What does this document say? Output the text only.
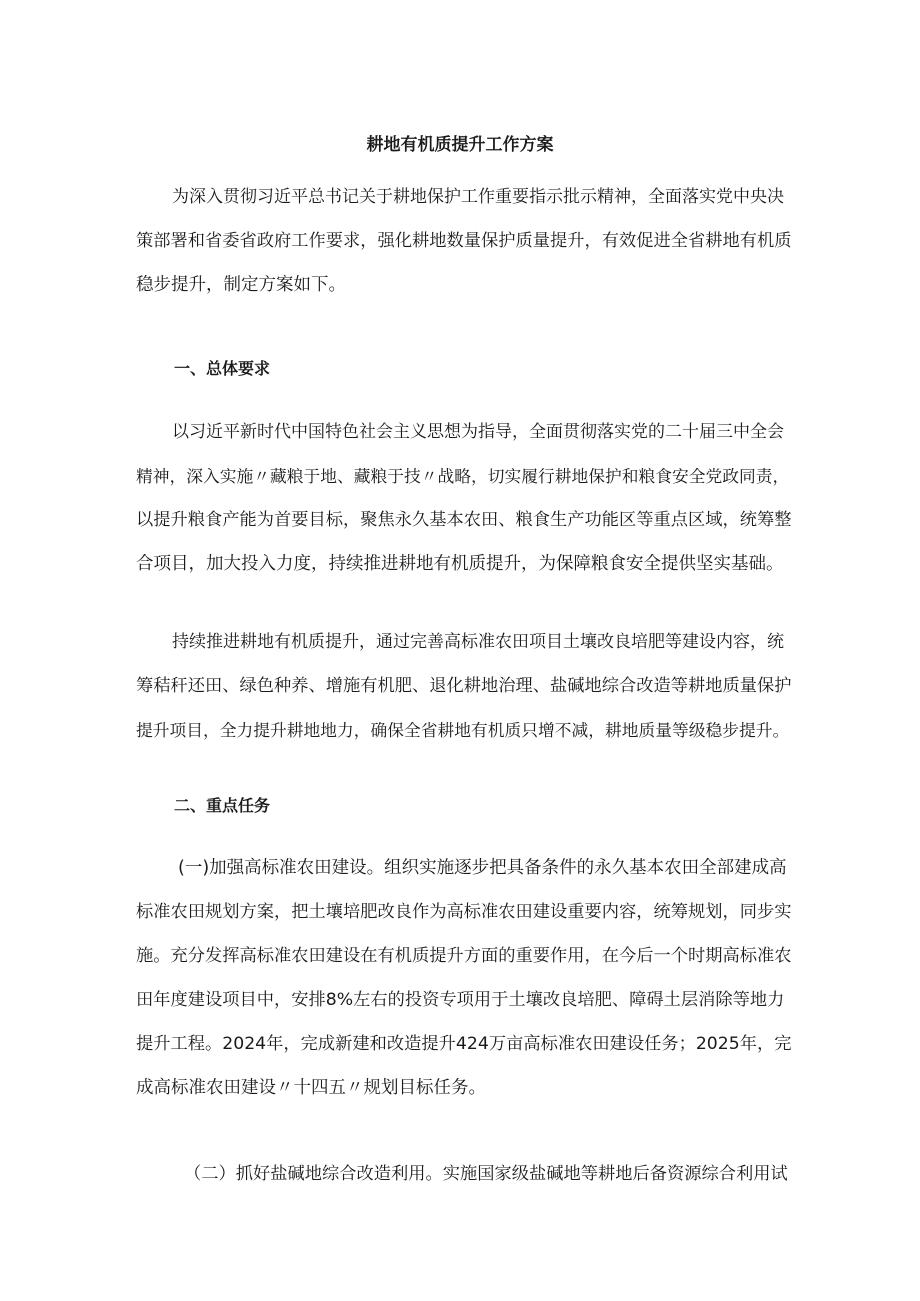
耕地有机质提升工作方案
为深入贯彻习近平总书记关于耕地保护工作重要指示批示精神，全面落实党中央决
策部署和省委省政府工作要求，强化耕地数量保护质量提升，有效促进全省耕地有机质
稳步提升，制定方案如下。
一、总体要求
以习近平新时代中国特色社会主义思想为指导，全面贯彻落实党的二十届三中全会
精神，深入实施〃藏粮于地、藏粮于技〃战略，切实履行耕地保护和粮食安全党政同责，
以提升粮食产能为首要目标，聚焦永久基本农田、粮食生产功能区等重点区域，统筹整
合项目，加大投入力度，持续推进耕地有机质提升，为保障粮食安全提供坚实基础。
持续推进耕地有机质提升，通过完善高标准农田项目土壤改良培肥等建设内容，统
筹秸秆还田、绿色种养、增施有机肥、退化耕地治理、盐碱地综合改造等耕地质量保护
提升项目，全力提升耕地地力，确保全省耕地有机质只增不减，耕地质量等级稳步提升。
二、重点任务
(一)加强高标准农田建设。组织实施逐步把具备条件的永久基本农田全部建成高
标准农田规划方案，把土壤培肥改良作为高标准农田建设重要内容，统筹规划，同步实
施。充分发挥高标准农田建设在有机质提升方面的重要作用，在今后一个时期高标准农
田年度建设项目中，安排8%左右的投资专项用于土壤改良培肥、障碍土层消除等地力
提升工程。2024年，完成新建和改造提升424万亩高标准农田建设任务；2025年，完
成高标准农田建设〃十四五〃规划目标任务。
（二）抓好盐碱地综合改造利用。实施国家级盐碱地等耕地后备资源综合利用试
